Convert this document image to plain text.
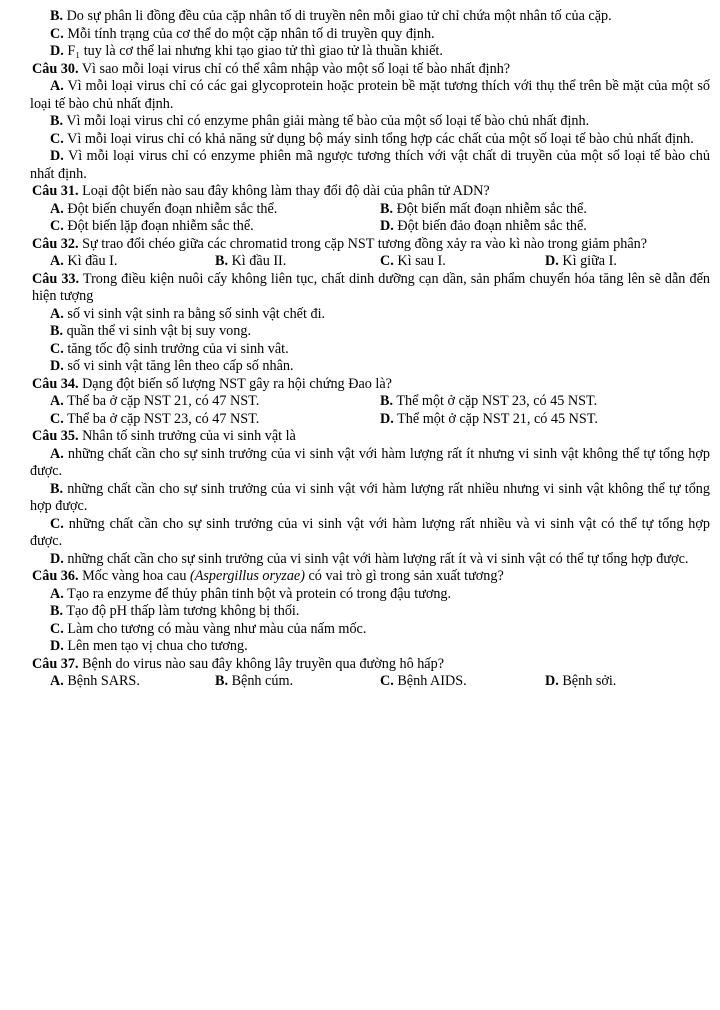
B. Do sự phân li đồng đều của cặp nhân tố di truyền nên mỗi giao tử chỉ chứa một nhân tố của cặp.

C. Mỗi tính trạng của cơ thể do một cặp nhân tố di truyền quy định.

D. F₁ tuy là cơ thể lai nhưng khi tạo giao tử thì giao tử là thuần khiết.

Câu 30. Vì sao mỗi loại virus chỉ có thể xâm nhập vào một số loại tế bào nhất định?

A. Vì mỗi loại virus chỉ có các gai glycoprotein hoặc protein bề mặt tương thích với thụ thể trên bề mặt của một số loại tế bào chủ nhất định.

B. Vì mỗi loại virus chỉ có enzyme phân giải màng tế bào của một số loại tế bào chủ nhất định.

C. Vì mỗi loại virus chỉ có khả năng sử dụng bộ máy sinh tổng hợp các chất của một số loại tế bào chủ nhất định.

D. Vì mỗi loại virus chỉ có enzyme phiên mã ngược tương thích với vật chất di truyền của một số loại tế bào chủ nhất định.

Câu 31. Loại đột biến nào sau đây không làm thay đổi độ dài của phân tử ADN?
A. Đột biến chuyển đoạn nhiễm sắc thể.	B. Đột biến mất đoạn nhiễm sắc thể.
C. Đột biến lặp đoạn nhiễm sắc thể.	D. Đột biến đảo đoạn nhiễm sắc thể.
Câu 32. Sự trao đổi chéo giữa các chromatid trong cặp NST tương đồng xảy ra vào kì nào trong giảm phân?
A. Kì đầu I.	B. Kì đầu II.	C. Kì sau I.	D. Kì giữa I.
Câu 33. Trong điều kiện nuôi cấy không liên tục, chất dinh dưỡng cạn dần, sản phẩm chuyển hóa tăng lên sẽ dẫn đến hiện tượng

A. số vi sinh vật sinh ra bằng số sinh vật chết đi.

B. quần thể vi sinh vật bị suy vong.

C. tăng tốc độ sinh trưởng của vi sinh vât.

D. số vi sinh vật tăng lên theo cấp số nhân.

Câu 34. Dạng đột biến số lượng NST gây ra hội chứng Đao là?
A. Thể ba ở cặp NST 21, có 47 NST.	B. Thể một ở cặp NST 23, có 45 NST.
C. Thể ba ở cặp NST 23, có 47 NST.	D. Thể một ở cặp NST 21, có 45 NST.
Câu 35. Nhân tố sinh trưởng của vi sinh vật là

A. những chất cần cho sự sinh trưởng của vi sinh vật với hàm lượng rất ít nhưng vi sinh vật không thể tự tổng hợp được.

B. những chất cần cho sự sinh trưởng của vi sinh vật với hàm lượng rất nhiều nhưng vi sinh vật không thể tự tổng hợp được.

C. những chất cần cho sự sinh trưởng của vi sinh vật với hàm lượng rất nhiều và vi sinh vật có thể tự tổng hợp được.

D. những chất cần cho sự sinh trưởng của vi sinh vật với hàm lượng rất ít và vi sinh vật có thể tự tổng hợp được.

Câu 36. Mốc vàng hoa cau (Aspergillus oryzae) có vai trò gì trong sản xuất tương?

A. Tạo ra enzyme để thủy phân tinh bột và protein có trong đậu tương.

B. Tạo độ pH thấp làm tương không bị thối.

C. Làm cho tương có màu vàng như màu của nấm mốc.

D. Lên men tạo vị chua cho tương.

Câu 37. Bệnh do virus nào sau đây không lây truyền qua đường hô hấp?
A. Bệnh SARS.	B. Bệnh cúm.	C. Bệnh AIDS.	D. Bệnh sởi.
